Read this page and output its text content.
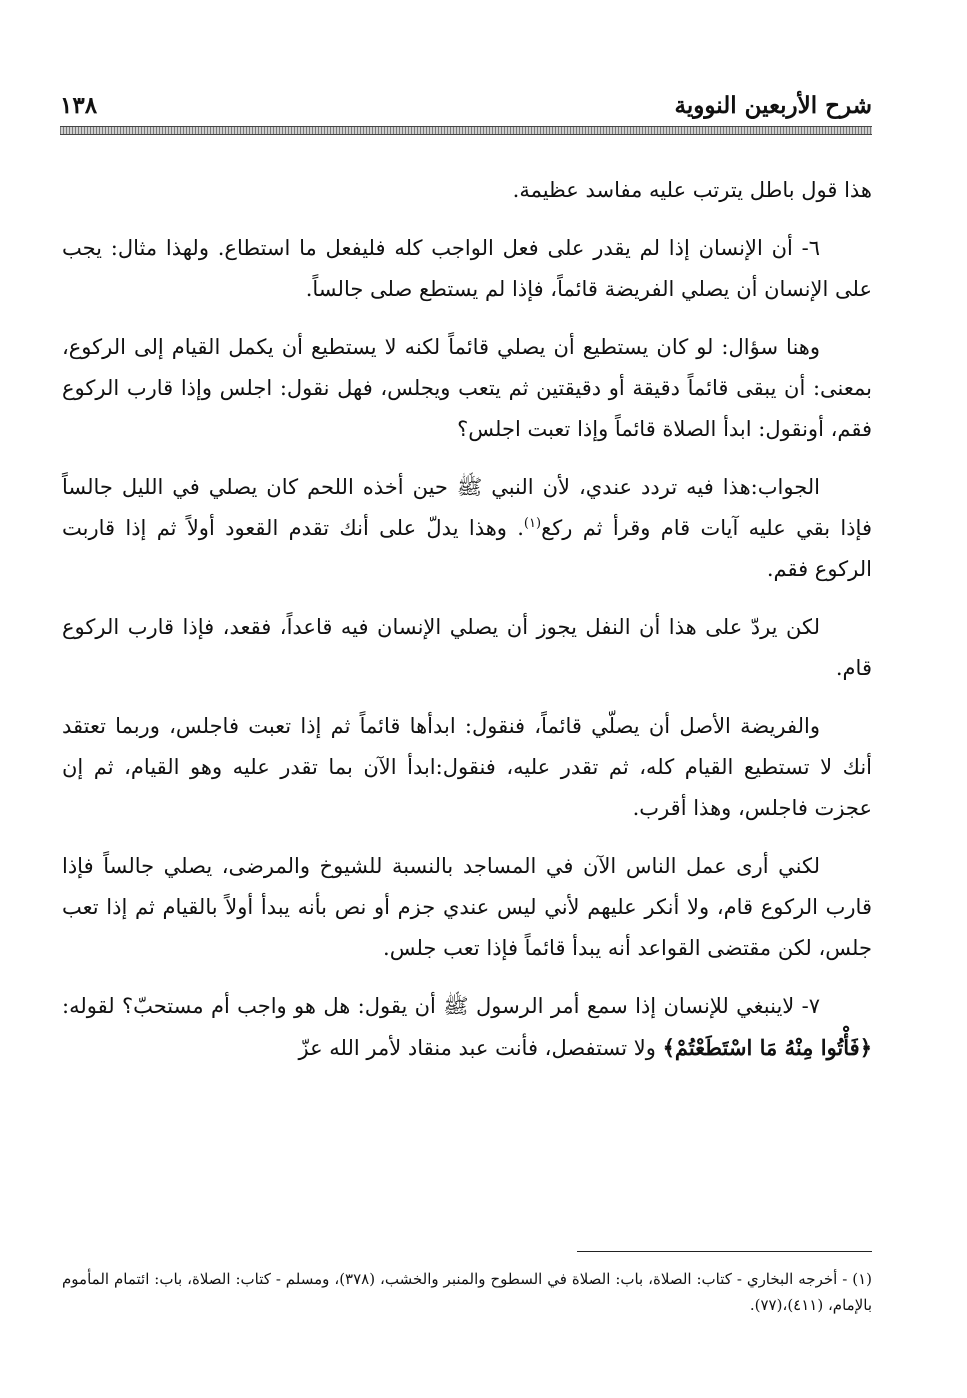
شرح الأربعين النووية
١٣٨

هذا قول باطل يترتب عليه مفاسد عظيمة.

٦- أن الإنسان إذا لم يقدر على فعل الواجب كله فليفعل ما استطاع. ولهذا مثال: يجب على الإنسان أن يصلي الفريضة قائماً، فإذا لم يستطع صلى جالساً.

وهنا سؤال: لو كان يستطيع أن يصلي قائماً لكنه لا يستطيع أن يكمل القيام إلى الركوع، بمعنى: أن يبقى قائماً دقيقة أو دقيقتين ثم يتعب ويجلس، فهل نقول: اجلس وإذا قارب الركوع فقم، أونقول: ابدأ الصلاة قائماً وإذا تعبت اجلس؟

الجواب:هذا فيه تردد عندي، لأن النبي ﷺ حين أخذه اللحم كان يصلي في الليل جالساً فإذا بقي عليه آيات قام وقرأ ثم ركع$^{(١)}$. وهذا يدلّ على أنك تقدم القعود أولاً ثم إذا قاربت الركوع فقم.

لكن يردّ على هذا أن النفل يجوز أن يصلي الإنسان فيه قاعداً، فقعد، فإذا قارب الركوع قام.

والفريضة الأصل أن يصلّي قائماً، فنقول: ابدأها قائماً ثم إذا تعبت فاجلس، وربما تعتقد أنك لا تستطيع القيام كله، ثم تقدر عليه، فنقول:ابدأ الآن بما تقدر عليه وهو القيام، ثم إن عجزت فاجلس، وهذا أقرب.

لكني أرى عمل الناس الآن في المساجد بالنسبة للشيوخ والمرضى، يصلي جالساً فإذا قارب الركوع قام، ولا أنكر عليهم لأني ليس عندي جزم أو نص بأنه يبدأ أولاً بالقيام ثم إذا تعب جلس، لكن مقتضى القواعد أنه يبدأ قائماً فإذا تعب جلس.

٧- لاينبغي للإنسان إذا سمع أمر الرسول ﷺ أن يقول: هل هو واجب أم مستحبّ؟ لقوله:﴿فَأْتُوا مِنْهُ مَا اسْتَطَعْتُمْ﴾ ولا تستفصل، فأنت عبد منقاد لأمر الله عزّ

(١) - أخرجه البخاري - كتاب: الصلاة، باب: الصلاة في السطوح والمنبر والخشب، (٣٧٨)، ومسلم - كتاب: الصلاة، باب: ائتمام المأموم بالإمام، (٤١١)،(٧٧).
